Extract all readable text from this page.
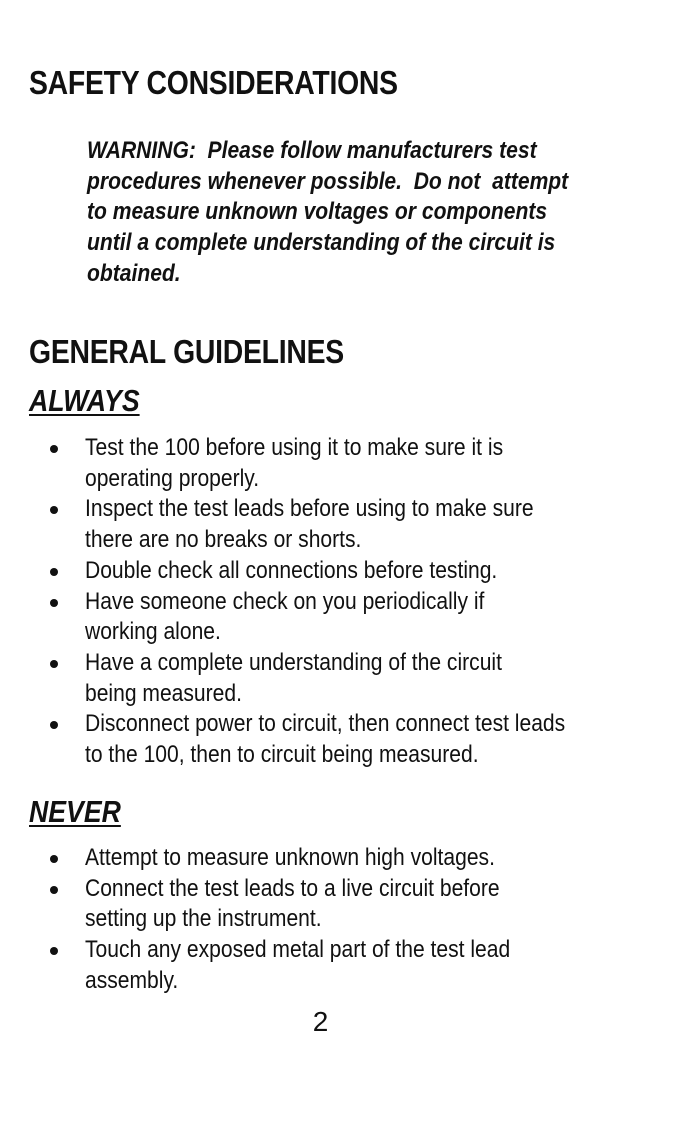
SAFETY CONSIDERATIONS

WARNING:  Please follow manufacturers test
procedures whenever possible.  Do not  attempt
to measure unknown voltages or components
until a complete understanding of the circuit is
obtained.

GENERAL GUIDELINES
ALWAYS
Test the 100 before using it to make sure it is
operating properly.
Inspect the test leads before using to make sure
there are no breaks or shorts.
Double check all connections before testing.
Have someone check on you periodically if
working alone.
Have a complete understanding of the circuit
being measured.
Disconnect power to circuit, then connect test leads
to the 100, then to circuit being measured.
NEVER
Attempt to measure unknown high voltages.
Connect the test leads to a live circuit before
setting up the instrument.
Touch any exposed metal part of the test lead
assembly.
2
